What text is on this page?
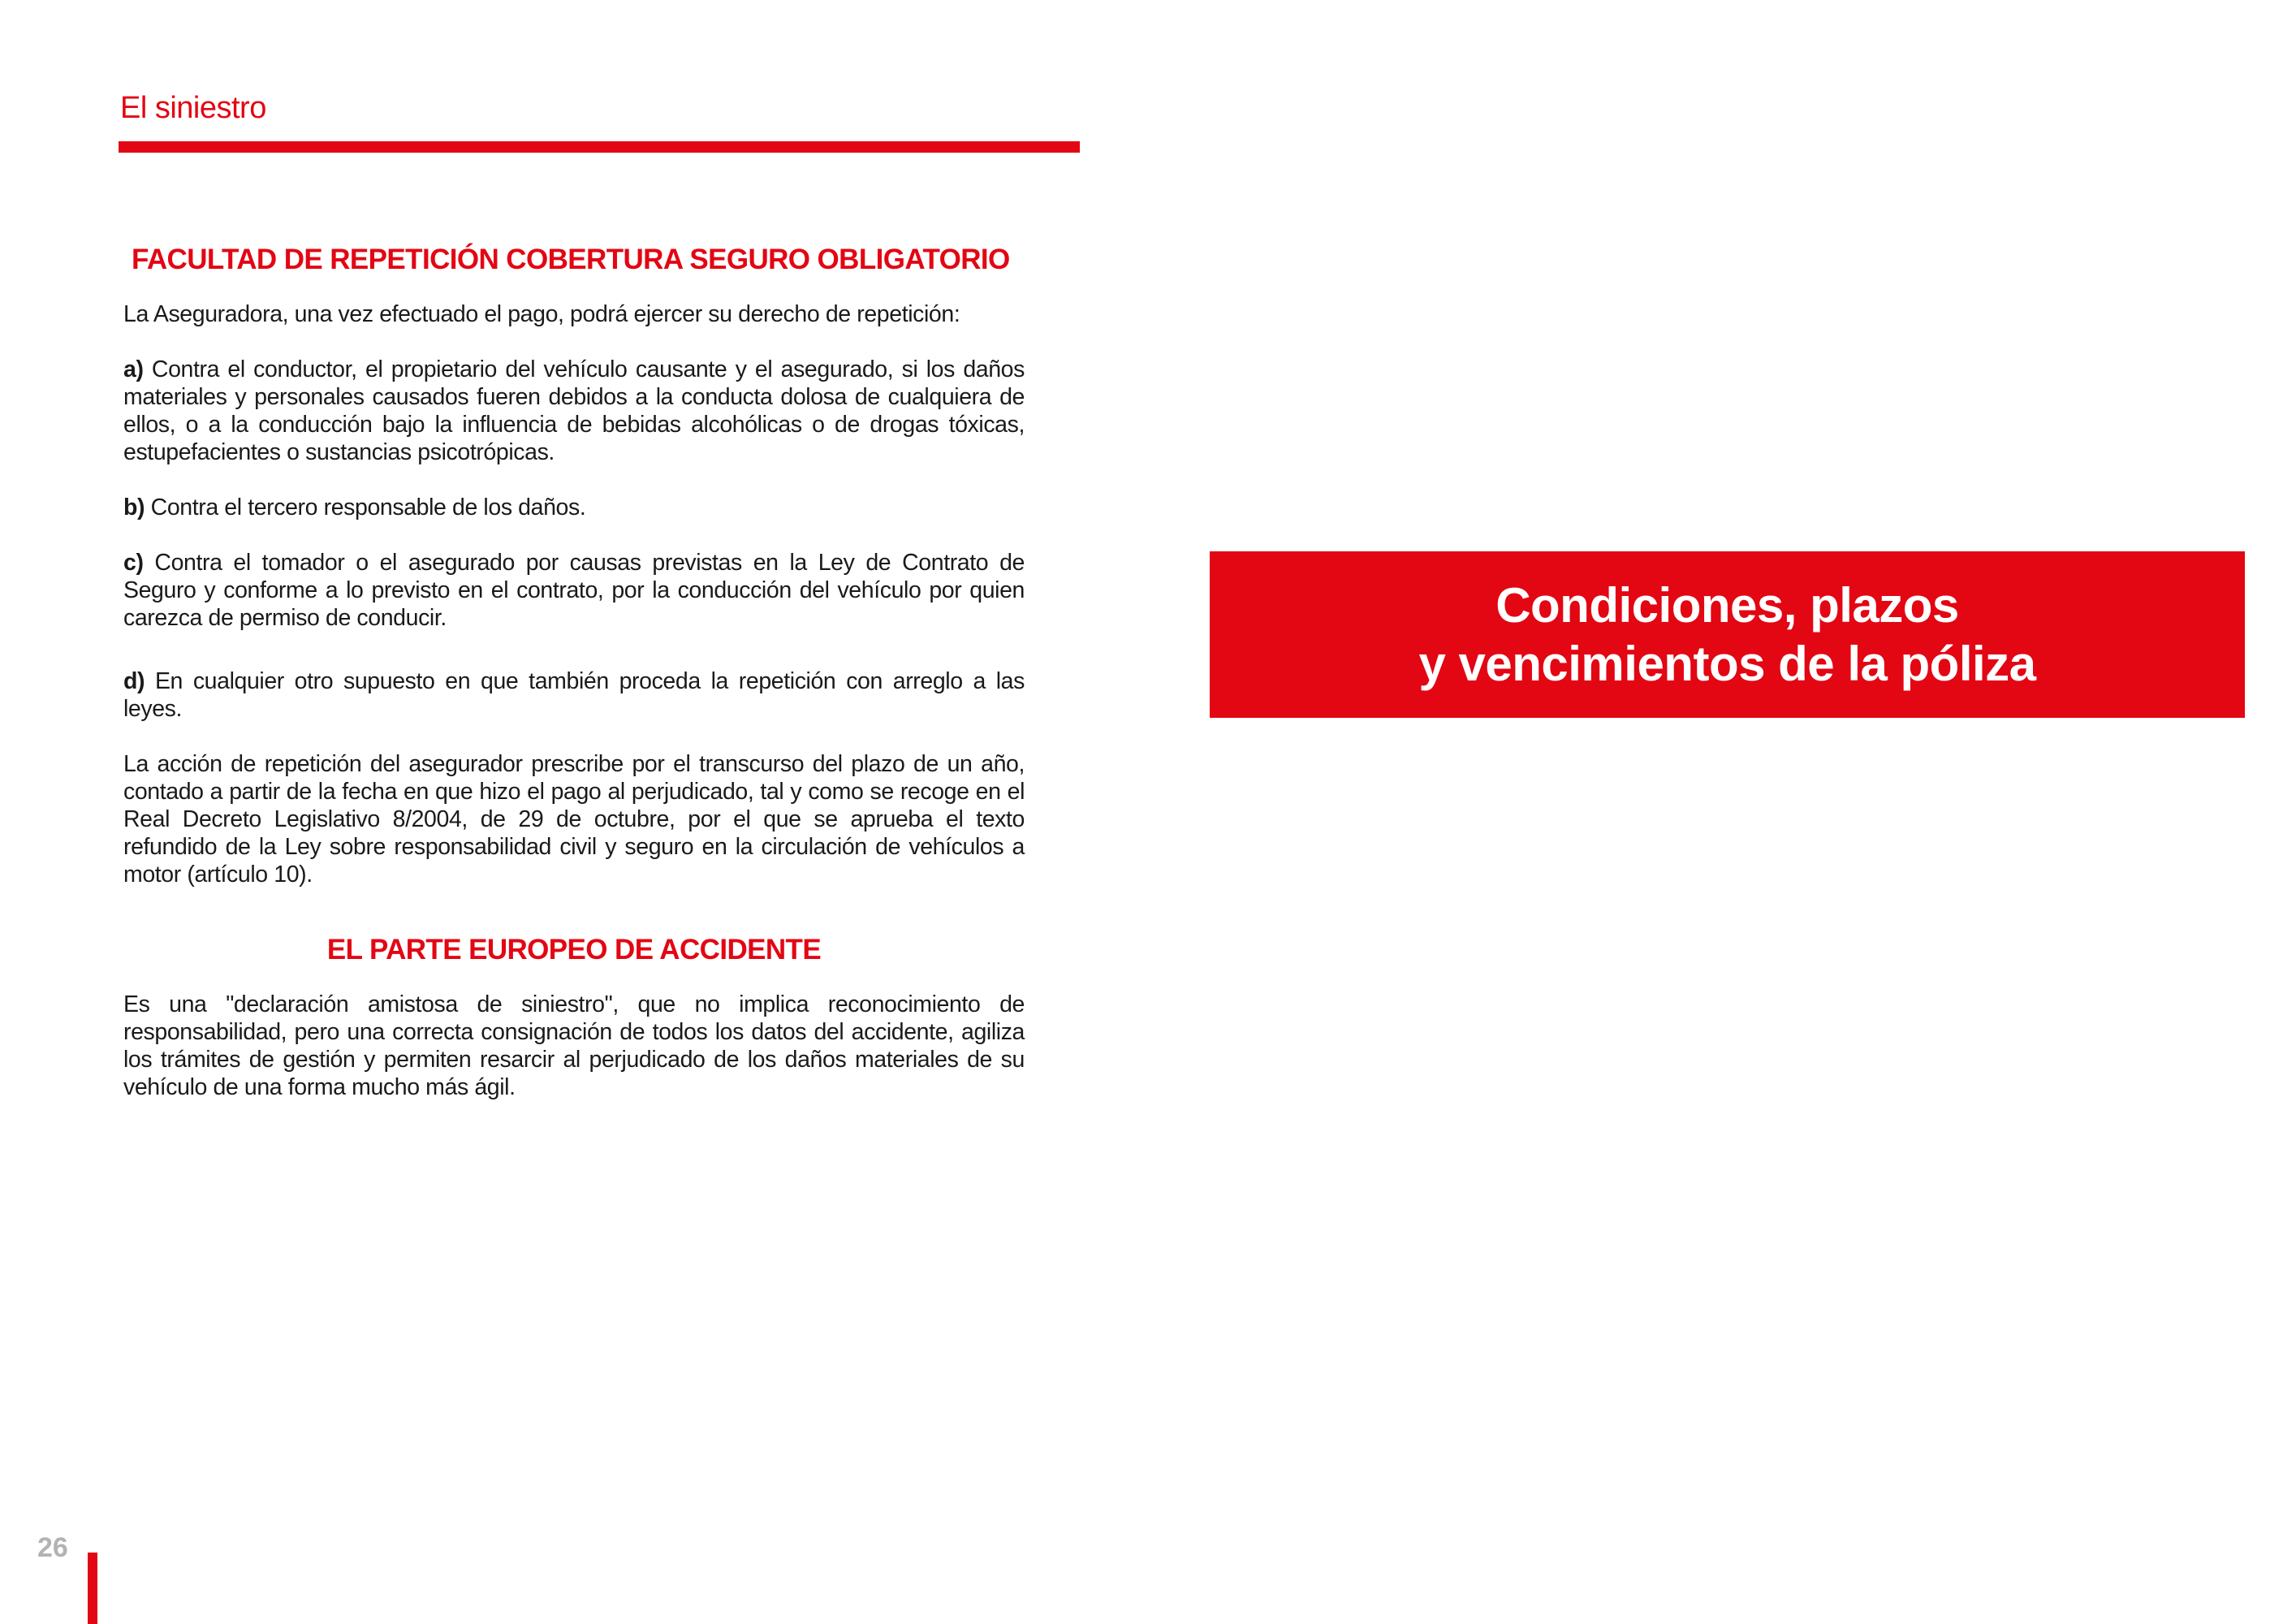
El siniestro
FACULTAD DE REPETICIÓN COBERTURA SEGURO OBLIGATORIO

La Aseguradora, una vez efectuado el pago, podrá ejercer su derecho de repetición:

a) Contra el conductor, el propietario del vehículo causante y el asegurado, si los daños materiales y personales causados fueren debidos a la conducta dolosa de cualquiera de ellos, o a la conducción bajo la influencia de bebidas alcohólicas o de drogas tóxicas, estupefacientes o sustancias psicotrópicas.

b) Contra el tercero responsable de los daños.

c) Contra el tomador o el asegurado por causas previstas en la Ley de Contrato de Seguro y conforme a lo previsto en el contrato, por la conducción del vehículo por quien carezca de permiso de conducir.

d) En cualquier otro supuesto en que también proceda la repetición con arreglo a las leyes.

La acción de repetición del asegurador prescribe por el transcurso del plazo de un año, contado a partir de la fecha en que hizo el pago al perjudicado, tal y como se recoge en el Real Decreto Legislativo 8/2004, de 29 de octubre, por el que se aprueba el texto refundido de la Ley sobre responsabilidad civil y seguro en la circulación de vehículos a motor (artículo 10).

EL PARTE EUROPEO DE ACCIDENTE

Es una "declaración amistosa de siniestro", que no implica reconocimiento de responsabilidad, pero una correcta consignación de todos los datos del accidente, agiliza los trámites de gestión y permiten resarcir al perjudicado de los daños materiales de su vehículo de una forma mucho más ágil.

Condiciones, plazos
y vencimientos de la póliza
26
